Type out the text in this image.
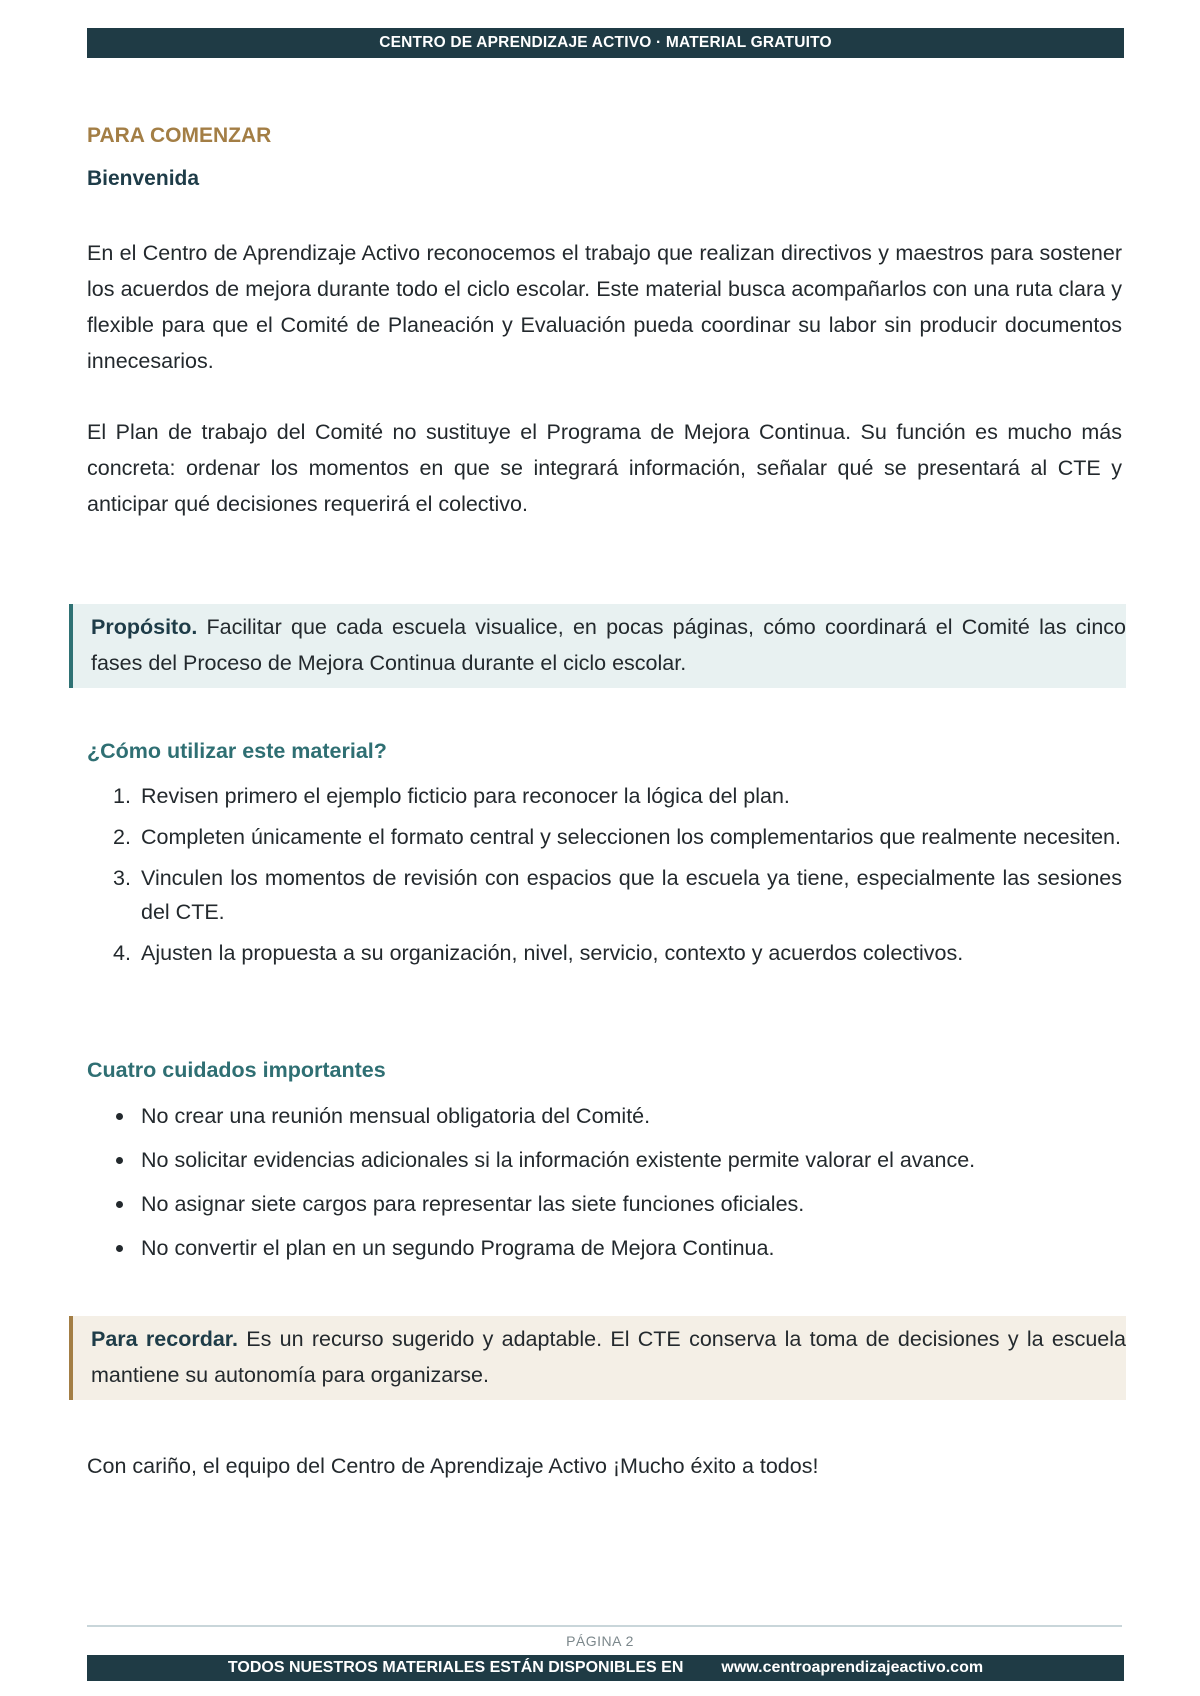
CENTRO DE APRENDIZAJE ACTIVO · MATERIAL GRATUITO
PARA COMENZAR
Bienvenida

En el Centro de Aprendizaje Activo reconocemos el trabajo que realizan directivos y maestros para sostener los acuerdos de mejora durante todo el ciclo escolar. Este material busca acompañarlos con una ruta clara y flexible para que el Comité de Planeación y Evaluación pueda coordinar su labor sin producir documentos innecesarios.

El Plan de trabajo del Comité no sustituye el Programa de Mejora Continua. Su función es mucho más concreta: ordenar los momentos en que se integrará información, señalar qué se presentará al CTE y anticipar qué decisiones requerirá el colectivo.

Propósito. Facilitar que cada escuela visualice, en pocas páginas, cómo coordinará el Comité las cinco fases del Proceso de Mejora Continua durante el ciclo escolar.
¿Cómo utilizar este material?
1. Revisen primero el ejemplo ficticio para reconocer la lógica del plan.
2. Completen únicamente el formato central y seleccionen los complementarios que realmente necesiten.
3. Vinculen los momentos de revisión con espacios que la escuela ya tiene, especialmente las sesiones del CTE.
4. Ajusten la propuesta a su organización, nivel, servicio, contexto y acuerdos colectivos.
Cuatro cuidados importantes
No crear una reunión mensual obligatoria del Comité.
No solicitar evidencias adicionales si la información existente permite valorar el avance.
No asignar siete cargos para representar las siete funciones oficiales.
No convertir el plan en un segundo Programa de Mejora Continua.
Para recordar. Es un recurso sugerido y adaptable. El CTE conserva la toma de decisiones y la escuela mantiene su autonomía para organizarse.
Con cariño, el equipo del Centro de Aprendizaje Activo ¡Mucho éxito a todos!
PÁGINA 2
TODOS NUESTROS MATERIALES ESTÁN DISPONIBLES EN www.centroaprendizajeactivo.com
